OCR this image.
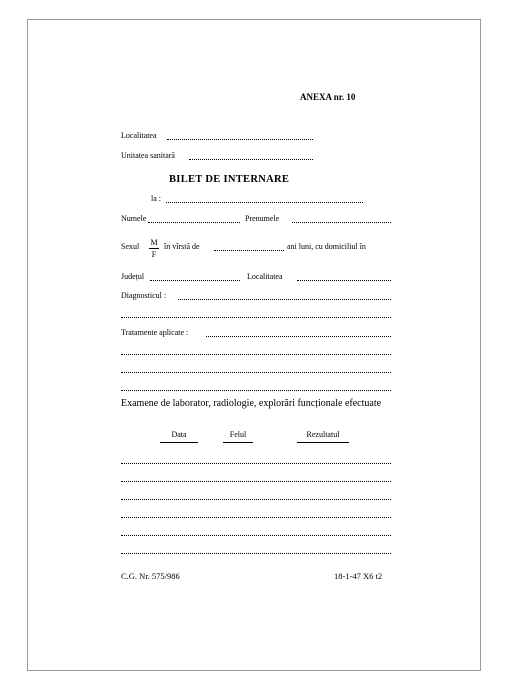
ANEXA nr. 10
Localitatea
Unitatea sanitară
BILET DE INTERNARE
la :
Numele	Prenumele
Sexul M
F
în vîrstă de	ani luni, cu domiciliul în
Județul	Localitatea
Diagnosticul :
Tratamente aplicate :
Examene de laborator, radiologie, explorări funcționale efectuate
Data	Felul	Rezultatul
C.G. Nr. 575/986	18-1-47 X6 t2
